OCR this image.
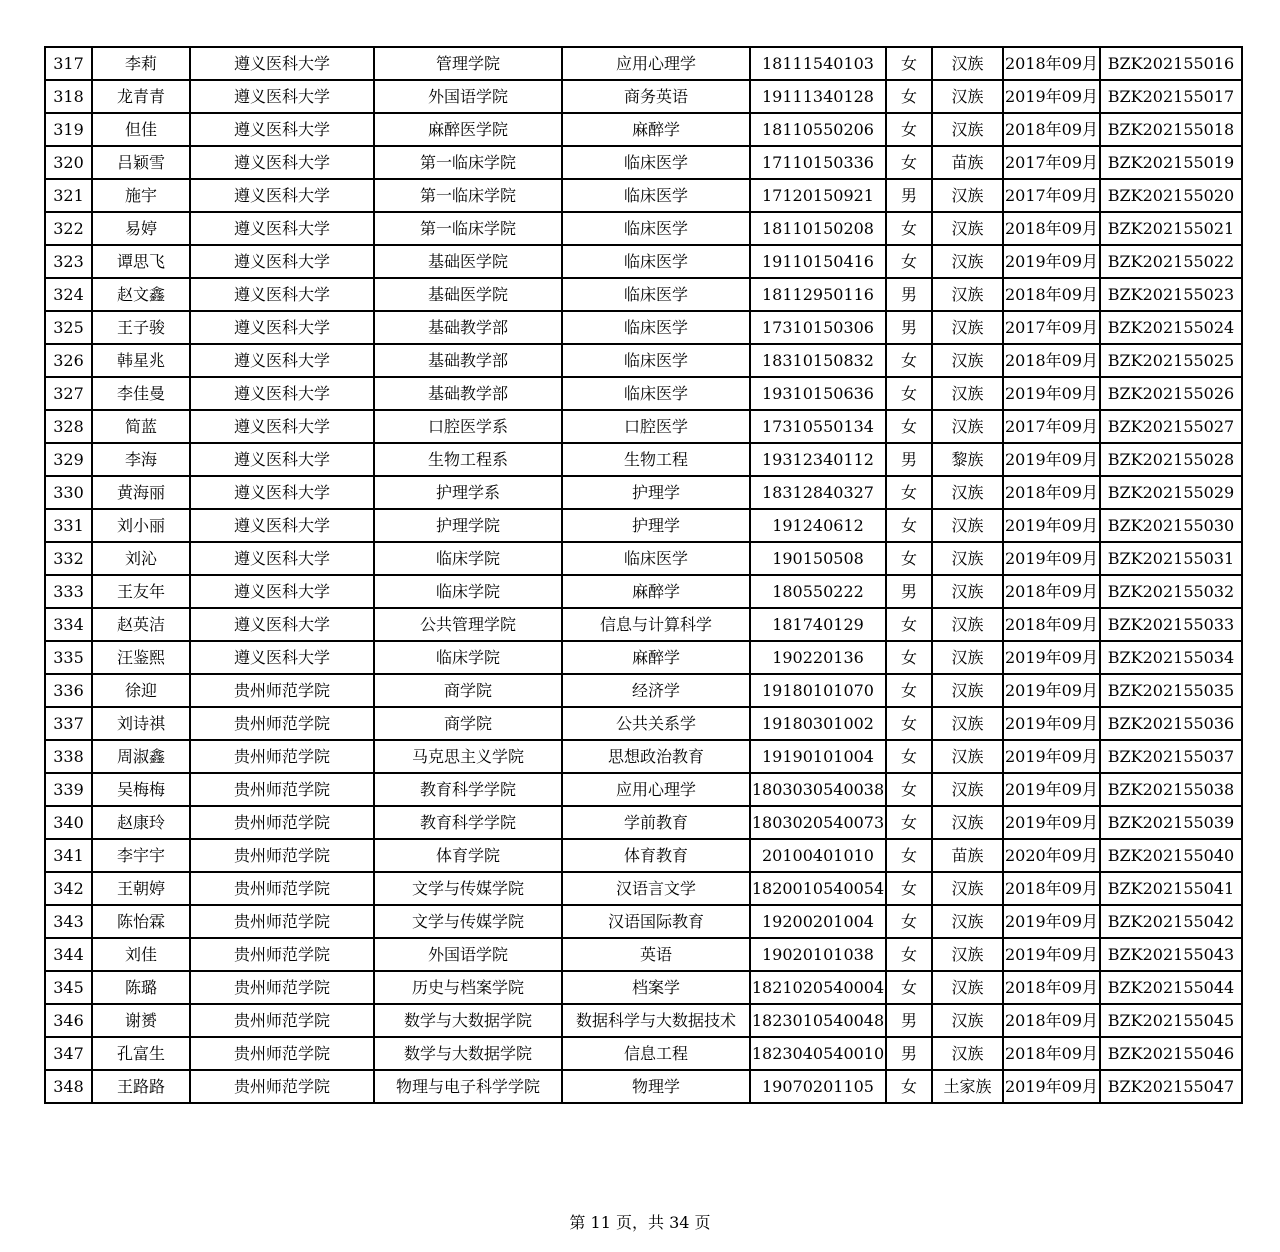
317	李莉	遵义医科大学	管理学院	应用心理学	18111540103	女	汉族	2018年09月	BZK202155016
318	龙青青	遵义医科大学	外国语学院	商务英语	19111340128	女	汉族	2019年09月	BZK202155017
319	但佳	遵义医科大学	麻醉医学院	麻醉学	18110550206	女	汉族	2018年09月	BZK202155018
320	吕颖雪	遵义医科大学	第一临床学院	临床医学	17110150336	女	苗族	2017年09月	BZK202155019
321	施宇	遵义医科大学	第一临床学院	临床医学	17120150921	男	汉族	2017年09月	BZK202155020
322	易婷	遵义医科大学	第一临床学院	临床医学	18110150208	女	汉族	2018年09月	BZK202155021
323	谭思飞	遵义医科大学	基础医学院	临床医学	19110150416	女	汉族	2019年09月	BZK202155022
324	赵文鑫	遵义医科大学	基础医学院	临床医学	18112950116	男	汉族	2018年09月	BZK202155023
325	王子骏	遵义医科大学	基础教学部	临床医学	17310150306	男	汉族	2017年09月	BZK202155024
326	韩星兆	遵义医科大学	基础教学部	临床医学	18310150832	女	汉族	2018年09月	BZK202155025
327	李佳曼	遵义医科大学	基础教学部	临床医学	19310150636	女	汉族	2019年09月	BZK202155026
328	简蓝	遵义医科大学	口腔医学系	口腔医学	17310550134	女	汉族	2017年09月	BZK202155027
329	李海	遵义医科大学	生物工程系	生物工程	19312340112	男	黎族	2019年09月	BZK202155028
330	黄海丽	遵义医科大学	护理学系	护理学	18312840327	女	汉族	2018年09月	BZK202155029
331	刘小丽	遵义医科大学	护理学院	护理学	191240612	女	汉族	2019年09月	BZK202155030
332	刘沁	遵义医科大学	临床学院	临床医学	190150508	女	汉族	2019年09月	BZK202155031
333	王友年	遵义医科大学	临床学院	麻醉学	180550222	男	汉族	2018年09月	BZK202155032
334	赵英洁	遵义医科大学	公共管理学院	信息与计算科学	181740129	女	汉族	2018年09月	BZK202155033
335	汪鉴熙	遵义医科大学	临床学院	麻醉学	190220136	女	汉族	2019年09月	BZK202155034
336	徐迎	贵州师范学院	商学院	经济学	19180101070	女	汉族	2019年09月	BZK202155035
337	刘诗祺	贵州师范学院	商学院	公共关系学	19180301002	女	汉族	2019年09月	BZK202155036
338	周淑鑫	贵州师范学院	马克思主义学院	思想政治教育	19190101004	女	汉族	2019年09月	BZK202155037
339	吴梅梅	贵州师范学院	教育科学学院	应用心理学	1803030540038	女	汉族	2019年09月	BZK202155038
340	赵康玲	贵州师范学院	教育科学学院	学前教育	1803020540073	女	汉族	2019年09月	BZK202155039
341	李宇宇	贵州师范学院	体育学院	体育教育	20100401010	女	苗族	2020年09月	BZK202155040
342	王朝婷	贵州师范学院	文学与传媒学院	汉语言文学	1820010540054	女	汉族	2018年09月	BZK202155041
343	陈怡霖	贵州师范学院	文学与传媒学院	汉语国际教育	19200201004	女	汉族	2019年09月	BZK202155042
344	刘佳	贵州师范学院	外国语学院	英语	19020101038	女	汉族	2019年09月	BZK202155043
345	陈璐	贵州师范学院	历史与档案学院	档案学	1821020540004	女	汉族	2018年09月	BZK202155044
346	谢赟	贵州师范学院	数学与大数据学院	数据科学与大数据技术	1823010540048	男	汉族	2018年09月	BZK202155045
347	孔富生	贵州师范学院	数学与大数据学院	信息工程	1823040540010	男	汉族	2018年09月	BZK202155046
348	王路路	贵州师范学院	物理与电子科学学院	物理学	19070201105	女	土家族	2019年09月	BZK202155047
第 11 页，共 34 页
